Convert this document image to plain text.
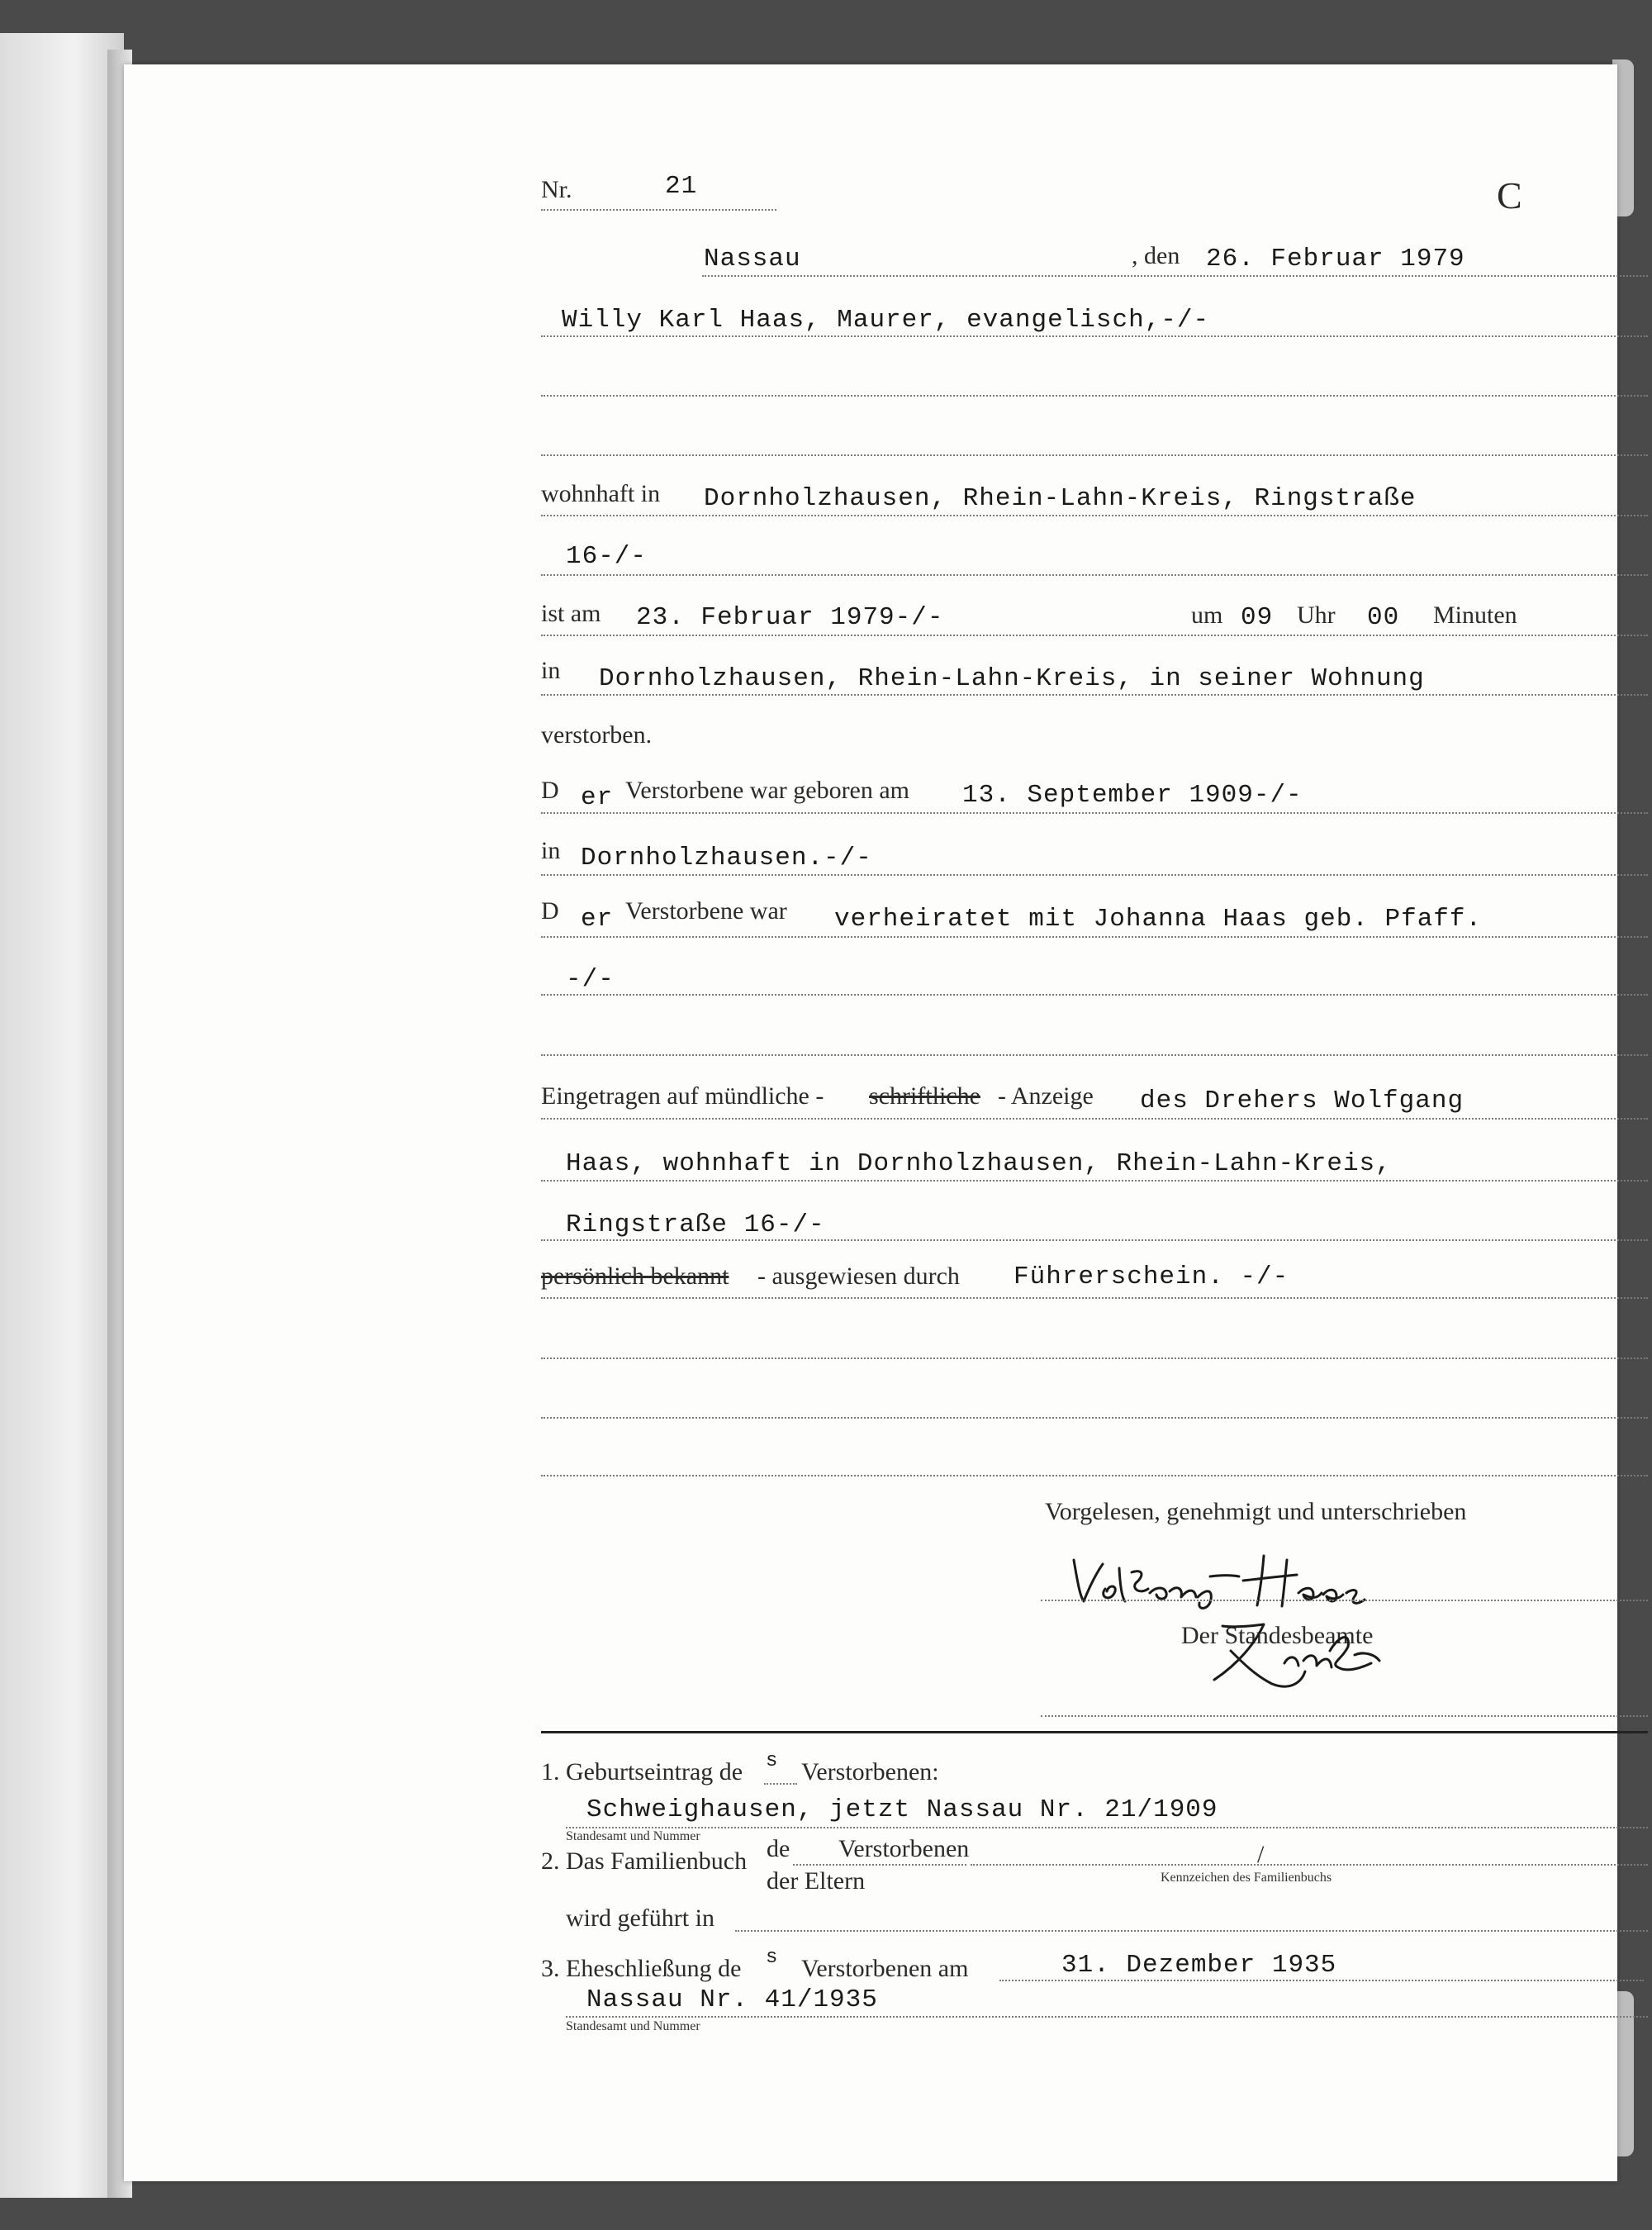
Nr.	21	C
Nassau	, den 26. Februar 1979
Willy Karl Haas, Maurer, evangelisch,-/-
wohnhaft in Dornholzhausen, Rhein-Lahn-Kreis, Ringstraße
16-/-
ist am 23. Februar 1979-/-	um 09 Uhr 00 Minuten
in Dornholzhausen, Rhein-Lahn-Kreis, in seiner Wohnung
verstorben.
D er Verstorbene war geboren am 13. September 1909-/-
in Dornholzhausen.-/-
D er Verstorbene war verheiratet mit Johanna Haas geb. Pfaff.
-/-
Eingetragen auf mündliche - schriftliche - Anzeige des Drehers Wolfgang
Haas, wohnhaft in Dornholzhausen, Rhein-Lahn-Kreis,
Ringstraße 16-/-
persönlich bekannt - ausgewiesen durch Führerschein. -/-
Vorgelesen, genehmigt und unterschrieben
Der Standesbeamte
1. Geburtseintrag de s Verstorbenen:
Schweighausen, jetzt Nassau Nr. 21/1909
Standesamt und Nummer
2. Das Familienbuch de Verstorbenen
der Eltern
/
Kennzeichen des Familienbuchs
wird geführt in
3. Eheschließung de s Verstorbenen am	31. Dezember 1935
Nassau Nr. 41/1935
Standesamt und Nummer
